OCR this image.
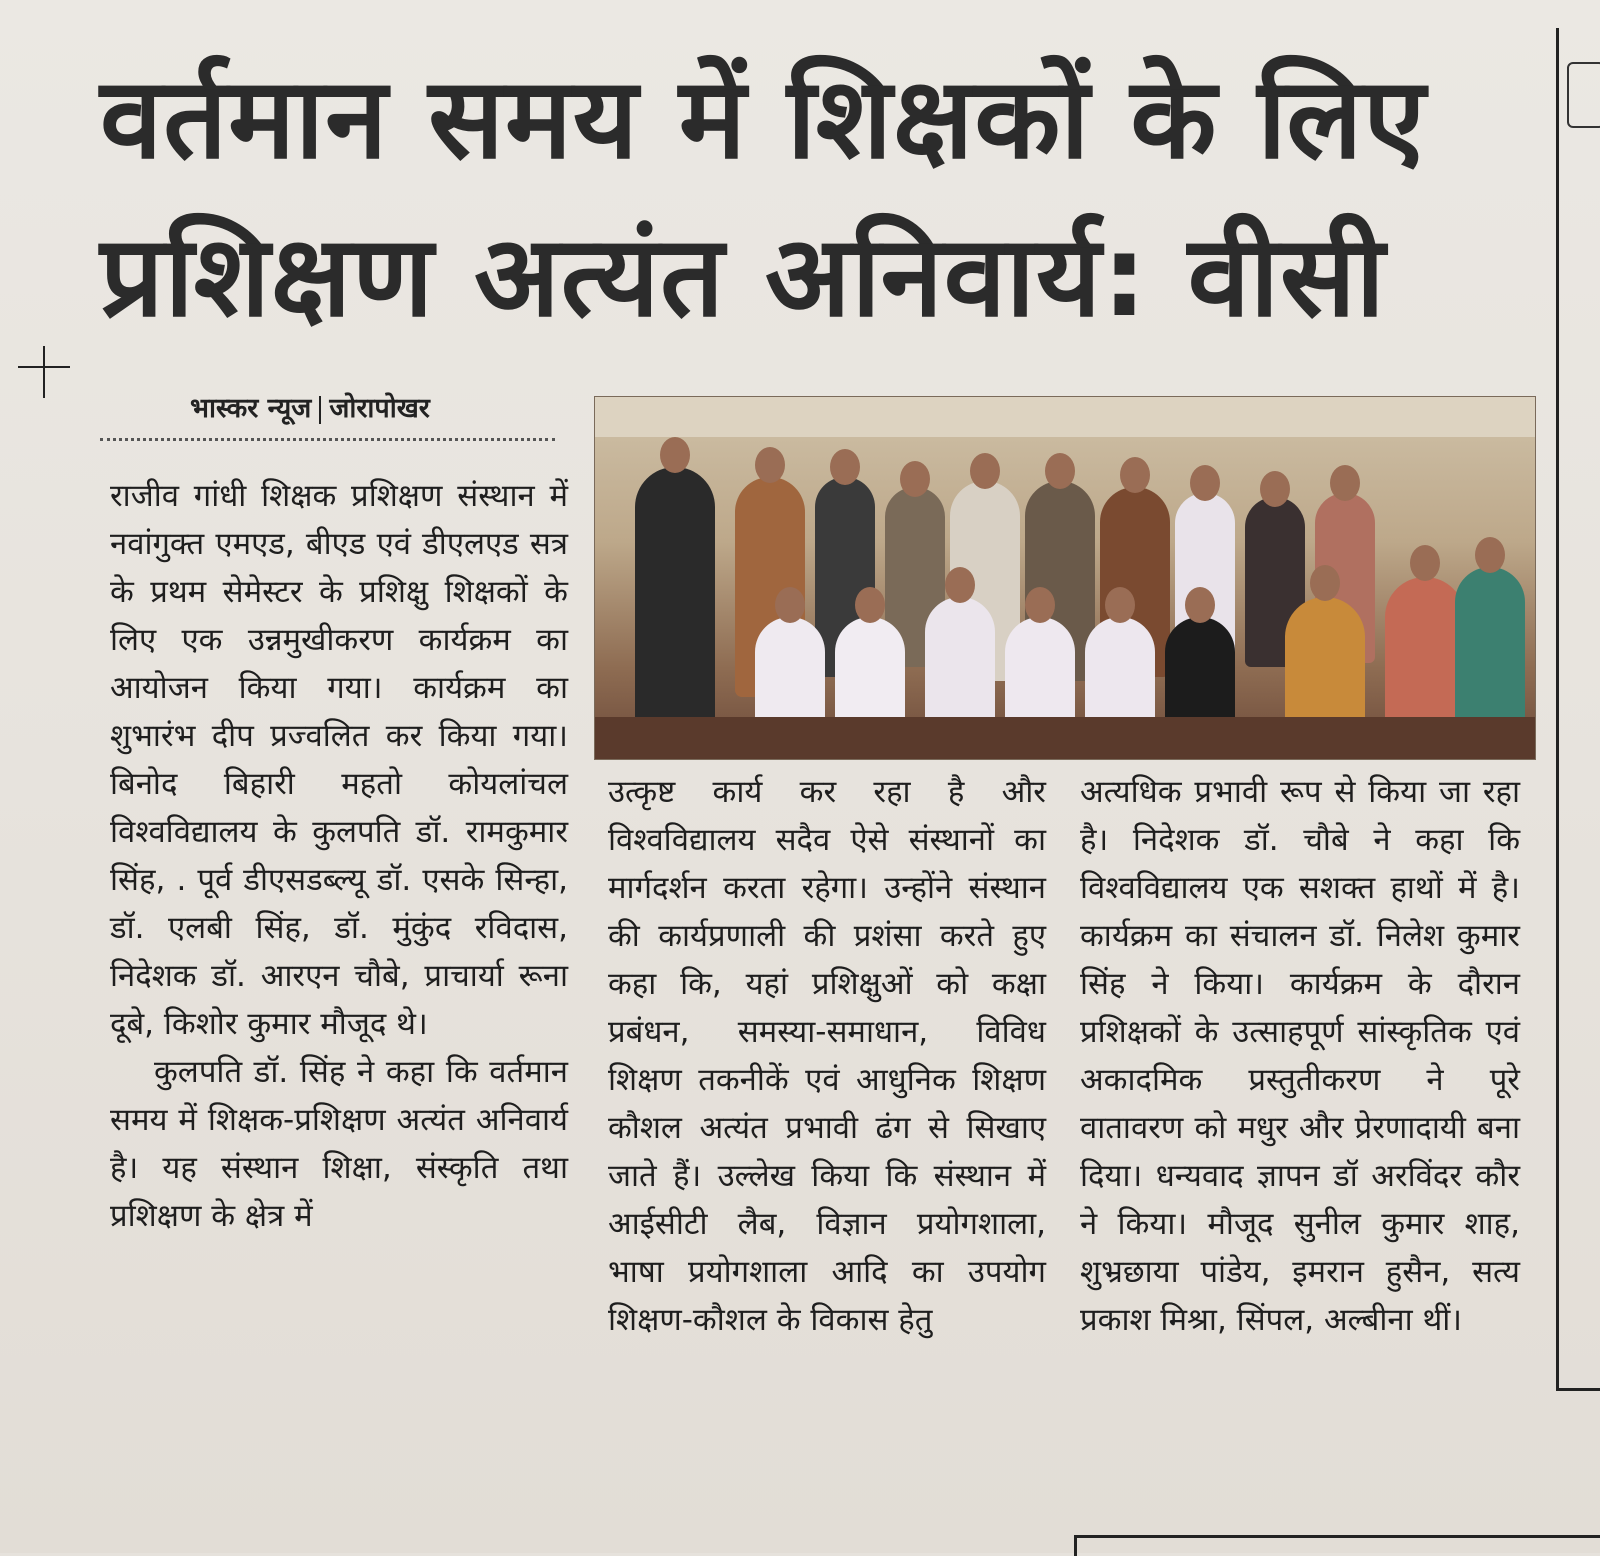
वर्तमान समय में शिक्षकों के लिए
प्रशिक्षण अत्यंत अनिवार्य: वीसी
भास्कर न्यूज जोरापोखर

राजीव गांधी शिक्षक प्रशिक्षण संस्थान में नवांगुक्त एमएड, बीएड एवं डीएलएड सत्र के प्रथम सेमेस्टर के प्रशिक्षु शिक्षकों के लिए एक उन्नमुखीकरण कार्यक्रम का आयोजन किया गया। कार्यक्रम का शुभारंभ दीप प्रज्वलित कर किया गया। बिनोद बिहारी महतो कोयलांचल विश्वविद्यालय के कुलपति डॉ. रामकुमार सिंह, . पूर्व डीएसडब्ल्यू डॉ. एसके सिन्हा, डॉ. एलबी सिंह, डॉ. मुंकुंद रविदास, निदेशक डॉ. आरएन चौबे, प्राचार्या रूना दूबे, किशोर कुमार मौजूद थे।

कुलपति डॉ. सिंह ने कहा कि वर्तमान समय में शिक्षक-प्रशिक्षण अत्यंत अनिवार्य है। यह संस्थान शिक्षा, संस्कृति तथा प्रशिक्षण के क्षेत्र में

उत्कृष्ट कार्य कर रहा है और विश्वविद्यालय सदैव ऐसे संस्थानों का मार्गदर्शन करता रहेगा। उन्होंने संस्थान की कार्यप्रणाली की प्रशंसा करते हुए कहा कि, यहां प्रशिक्षुओं को कक्षा प्रबंधन, समस्या-समाधान, विविध शिक्षण तकनीकें एवं आधुनिक शिक्षण कौशल अत्यंत प्रभावी ढंग से सिखाए जाते हैं। उल्लेख किया कि संस्थान में आईसीटी लैब, विज्ञान प्रयोगशाला, भाषा प्रयोगशाला आदि का उपयोग शिक्षण-कौशल के विकास हेतु

अत्यधिक प्रभावी रूप से किया जा रहा है। निदेशक डॉ. चौबे ने कहा कि विश्वविद्यालय एक सशक्त हाथों में है। कार्यक्रम का संचालन डॉ. निलेश कुमार सिंह ने किया। कार्यक्रम के दौरान प्रशिक्षकों के उत्साहपूर्ण सांस्कृतिक एवं अकादमिक प्रस्तुतीकरण ने पूरे वातावरण को मधुर और प्रेरणादायी बना दिया। धन्यवाद ज्ञापन डॉ अरविंदर कौर ने किया। मौजूद सुनील कुमार शाह, शुभ्रछाया पांडेय, इमरान हुसैन, सत्य प्रकाश मिश्रा, सिंपल, अल्बीना थीं।
